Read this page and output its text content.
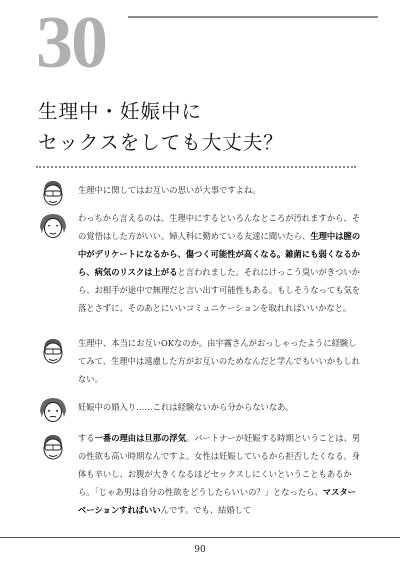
30
生理中・妊娠中に
セックスをしても大丈夫？
生理中に関してはお互いの思いが大事ですよね。
わっちから言えるのは、生理中にするといろんなところが汚れますから、その覚悟はした方がいい。婦人科に勤めている友達に聞いたら、生理中は膣の中がデリケートになるから、傷つく可能性が高くなる。雑菌にも弱くなるから、病気のリスクは上がると言われました。それにけっこう臭いがきついから、お相手が途中で無理だと言い出す可能性もある。もしそうなっても気を落とさずに、そのあとにいいコミュニケーションを取れればいいかなと。
生理中、本当にお互いOKなのか。由宇霧さんがおっしゃったように経験してみて、生理中は遠慮した方がお互いのためなんだと学んでもいいかもしれない。
妊娠中の婚入り……これは経験ないから分からないなあ。
する一番の理由は旦那の浮気。パートナーが妊娠する時期ということは、男の性欲も高い時期なんですよ。女性は妊娠しているから拒否したくなる。身体も辛いし、お腹が大きくなるほどセックスしにくいということもあるから。「じゃあ男は自分の性欲をどうしたらいいの？」となったら、マスターベーションすればいいんです。でも、結婚して
90
